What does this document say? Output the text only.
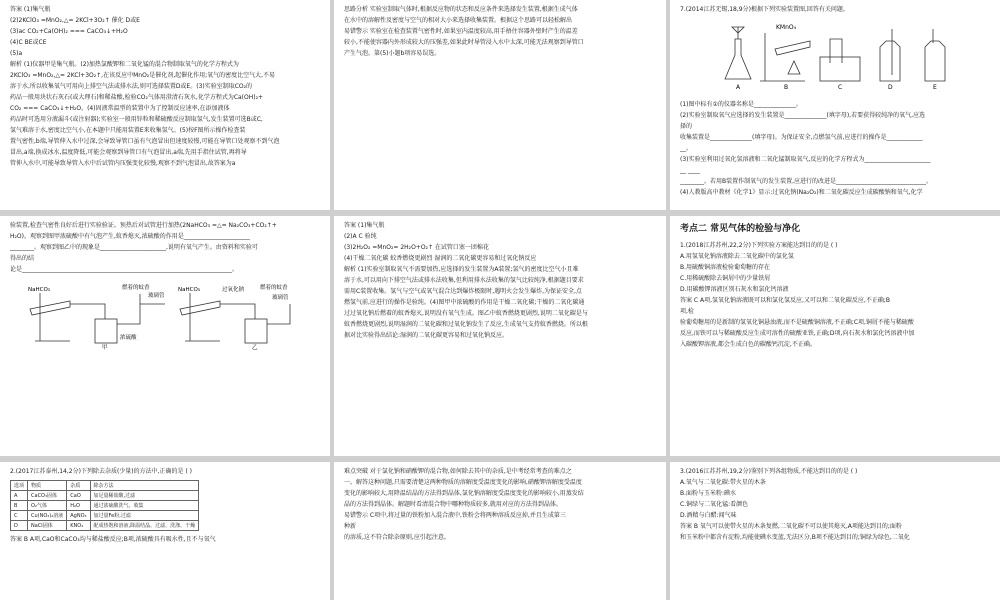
答案 (1)集气瓶

(2)2KClO₃ =MnO₂,△= 2KCl+3O₂↑ 催化 D或E

(3)ac CO₂+Ca(OH)₂ === CaCO₃↓+H₂O

(4)C BE或CE

(5)a

解析 (1)仪器甲是集气瓶。(2)加热氯酸钾和二氧化锰的混合物制取氧气的化学方程式为

2KClO₃ =MnO₂,△= 2KCl+3O₂↑,在该反应中MnO₂是催化剂,起催化作用;氧气的密度比空气大,不易

溶于水,所以收集氧气可用向上排空气法或排水法,则可选择装置D或E。(3)实验室制取CO₂的

药品一般用块状石灰石(或大理石)和稀盐酸,检验CO₂气体用澄清石灰水,化学方程式为Ca(OH)₂+

CO₂ === CaCO₃↓+H₂O。(4)固液常温型的装置中为了控制反应速率,在添加液体

药品时可选用分液漏斗(或注射器);实验室一般用锌粒和稀硫酸反应制取氢气,发生装置可选B或C,

氢气难溶于水,密度比空气小,在本题中只能用装置E来收集氢气。(5)按F图所示操作检查装

置气密性,b端,导管伸入水中过深,会导致导管口虽有气泡冒出但速度较慢,可能在导管口处观察不到气泡

冒出,a端,换成冰水,温度降低,可能会观察到导管口有气泡冒出,a端,先用手指住试管,再将导

管伸入水中,可能导致导管入水中后试管内压强变化较慢,观察不到气泡冒出,故答案为a

思路分析 实验室制取气体时,根据反应物的状态和反应条件来选择发生装置,根据生成气体

在水中的溶解性及密度与空气的相对大小来选择收集装置。根据这个思路可以轻松解出

易错警示 实验室在检查装置气密性时,如果室内温度较高,用手捂住容器外壁时产生的温差

较小,不能使容器内外形成较大的压强差,如果此时导管浸入水中太深,可能无法观察到导管口

产生气泡。第(5)小题b项容易误选。

7.(2014江苏无锡,18,9分)根据下列实验装置图,回答有关问题。

KMnO₄
A	B	C	D	E

(1)图中标有①的仪器名称是______________。

(2)实验室制取氧气应选择的发生装置是______________(填字母),若要获得较纯净的氧气,应选

择的

收集装置是______________(填字母)。为保证安全,点燃氢气前,应进行的操作是____________

__。

(3)实验室利用过氧化氢溶液和二氧化锰制取氧气,反应的化学方程式为______________________

__ ____

________。若用B装置作制氧气的发生装置,应进行的改进是______________________________。

(4)人教版高中教材《化学1》显示:过氧化钠(Na₂O₂)和二氧化碳反应生成碳酸钠和氧气,化学

验装置,检查气密性良好后进行实验验证。预热后对试管进行加热(2NaHCO₃ =△= Na₂CO₃+CO₂↑+

H₂O)。观察到图甲浓硫酸中有气泡产生,蚊香熄灭,浓硫酸的作用是______________________

________。观察到图乙中的现象是______________________,说明有氧气产生。由资料和实验可

得出的结

论是______________________________________________________________________。

NaHCO₃	燃着的蚊香
玻璃管
浓硫酸
甲
NaHCO₃	过氧化钠	燃着的蚊香
玻璃管
乙

答案 (1)集气瓶

(2)A C 验纯

(3)2H₂O₂ =MnO₂= 2H₂O+O₂↑ 在试管口塞一团棉花

(4)干燥二氧化碳 蚊香燃烧更剧烈 湿润的二氧化碳更容易和过氧化钠反应

解析 (1)实验室制取氧气不需要加热,应选择的发生装置为A装置;氢气的密度比空气小且难

溶于水,可以用向下排空气法或排水法收集,但利用排水法收集的氢气比较纯净,根据题目要求

需用C装置收集。氢气与空气或氧气混合达到爆炸极限时,遇明火会发生爆炸,为保证安全,点

燃氢气前,应进行的操作是验纯。(4)图甲中浓硫酸的作用是干燥二氧化碳;干燥的二氧化碳通

过过氧化钠后燃着的蚊香熄灭,说明没有氧气生成。图乙中蚊香燃烧更剧烈,说明二氧化碳是与

蚊香燃烧更剧烈,说明湿润的二氧化碳和过氧化钠发生了反应,生成氧气支持蚊香燃烧。所以根

据对比实验得出结论:湿润的二氧化碳更容易和过氧化钠反应。

考点二 常见气体的检验与净化

1.(2018江苏苏州,22,2分)下列实验方案能达到目的的是 ( )

A.用氢氧化钠溶液除去二氧化碳中的氯化氢

B.用硫酸铜溶液检验葡萄糖的存在

C.用稀硫酸除去铜屑中的少量铁屑

D.用碳酸钾溶液区别石灰水和氯化钙溶液

答案 C A项,氢氧化钠溶液既可以和氯化氢反应,又可以和二氧化碳反应,不正确;B

项,检

验葡萄糖用的是新制的氢氧化铜悬浊液,而不是硫酸铜溶液,不正确;C项,铜屑不能与稀硫酸

反应,而铁可以与稀硫酸反应生成可溶性的硫酸亚铁,正确;D项,向石灰水和氯化钙溶液中加

入碳酸钾溶液,都会生成白色的碳酸钙沉淀,不正确。

2.(2017江苏泰州,14,2分)下列除去杂质(少量)的方法中,正确的是 ( )

选项	物质	杂质	除杂方法
A	CaCO₃固体	CaO	加足量稀盐酸,过滤
B	O₂气体	H₂O	通过浓硫酸洗气、收集
C	Cu(NO₃)₂溶液	AgNO₃	加过量Fe粉,过滤
D	NaCl固体	KNO₃	配成热饱和溶液,降温结晶、过滤、洗涤、干燥

答案 B A项,CaO和CaCO₃均与稀盐酸反应;B项,浓硫酸具有吸水性,且不与氧气

难点突破 对于氯化钠和硝酸钾的混合物,如何除去其中的杂质,是中考经常考查的难点之

一。解答这种问题,只需要清楚这两种物质的溶解度受温度变化的影响,硝酸钾溶解度受温度

变化的影响较大,用降温结晶的方法得到晶体,氯化钠溶解度受温度变化的影响较小,用蒸发结

晶的方法得到晶体。解题时看清混合物中哪种物质较多,就用对应的方法得到晶体。

易错警示 C项中,将过量的铁粉加入混合液中,铁粉会将两种溶质反应掉,并且生成第三

种新

的溶质,这不符合除杂原则,应引起注意。

3.(2016江苏苏州,19,2分)鉴别下列各组物质,不能达到目的的是 ( )

A.氧气与二氧化碳:带火星的木条

B.面粉与玉米粉:碘水

C.铜绿与二氧化锰:看颜色

D.酒精与白醋:闻气味

答案 B 氧气可以使带火星的木条复燃,二氧化碳不可以使其熄灭,A项能达到目的;面粉

和玉米粉中都含有淀粉,均能使碘水变蓝,无法区分,B项不能达到目的;铜绿为绿色,二氧化
